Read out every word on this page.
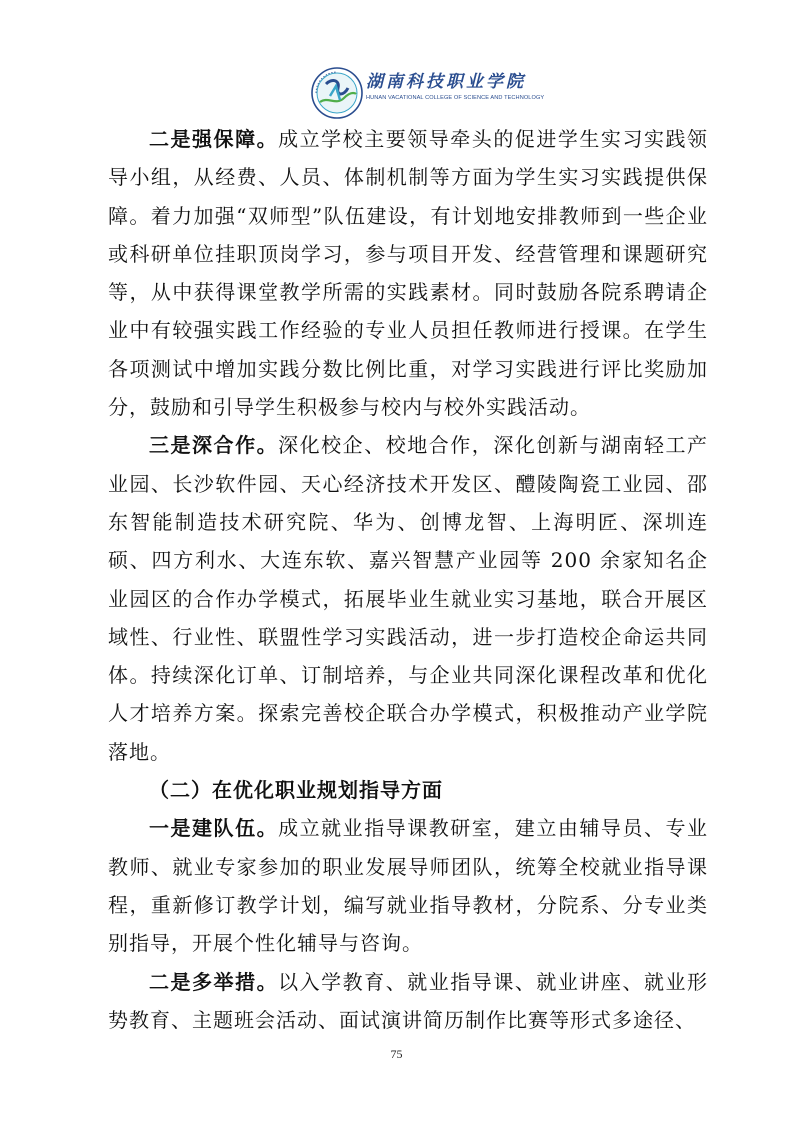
湖南科技职业学院
HUNAN VACATIONAL COLLEGE OF SCIENCE AND TECHNOLOGY

二是强保障。成立学校主要领导牵头的促进学生实习实践领导小组，从经费、人员、体制机制等方面为学生实习实践提供保障。着力加强“双师型”队伍建设，有计划地安排教师到一些企业或科研单位挂职顶岗学习，参与项目开发、经营管理和课题研究等，从中获得课堂教学所需的实践素材。同时鼓励各院系聘请企业中有较强实践工作经验的专业人员担任教师进行授课。在学生各项测试中增加实践分数比例比重，对学习实践进行评比奖励加分，鼓励和引导学生积极参与校内与校外实践活动。

三是深合作。深化校企、校地合作，深化创新与湖南轻工产业园、长沙软件园、天心经济技术开发区、醴陵陶瓷工业园、邵东智能制造技术研究院、华为、创博龙智、上海明匠、深圳连硕、四方利水、大连东软、嘉兴智慧产业园等 200 余家知名企业园区的合作办学模式，拓展毕业生就业实习基地，联合开展区域性、行业性、联盟性学习实践活动，进一步打造校企命运共同体。持续深化订单、订制培养，与企业共同深化课程改革和优化人才培养方案。探索完善校企联合办学模式，积极推动产业学院落地。

（二）在优化职业规划指导方面

一是建队伍。成立就业指导课教研室，建立由辅导员、专业教师、就业专家参加的职业发展导师团队，统筹全校就业指导课程，重新修订教学计划，编写就业指导教材，分院系、分专业类别指导，开展个性化辅导与咨询。

二是多举措。以入学教育、就业指导课、就业讲座、就业形势教育、主题班会活动、面试演讲简历制作比赛等形式多途径、

75
